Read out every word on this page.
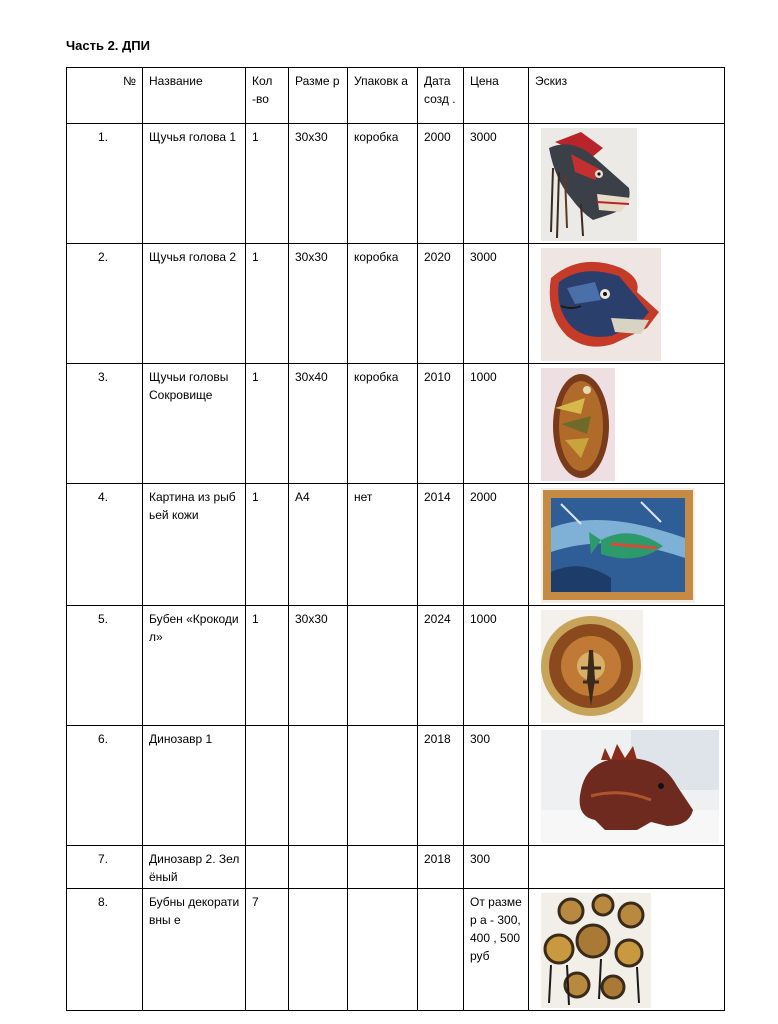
Часть 2. ДПИ
№	Название	Кол -во	Разме р	Упаковк а	Дата созд .	Цена	Эскиз
1.	Щучья голова 1	1	30х30	коробка	2000	3000	

2.	Щучья голова 2	1	30х30	коробка	2020	3000	

3.	Щучьи головы Сокровище	1	30х40	коробка	2010	1000	

4.	Картина из рыбьей кожи	1	А4	нет	2014	2000	

5.	Бубен «Крокодил»	1	30х30		2024	1000	

6.	Динозавр 1				2018	300	

7.	Динозавр 2. Зелёный				2018	300	
8.	Бубны декоративны е	7				От размер а - 300,400 , 500 руб	
